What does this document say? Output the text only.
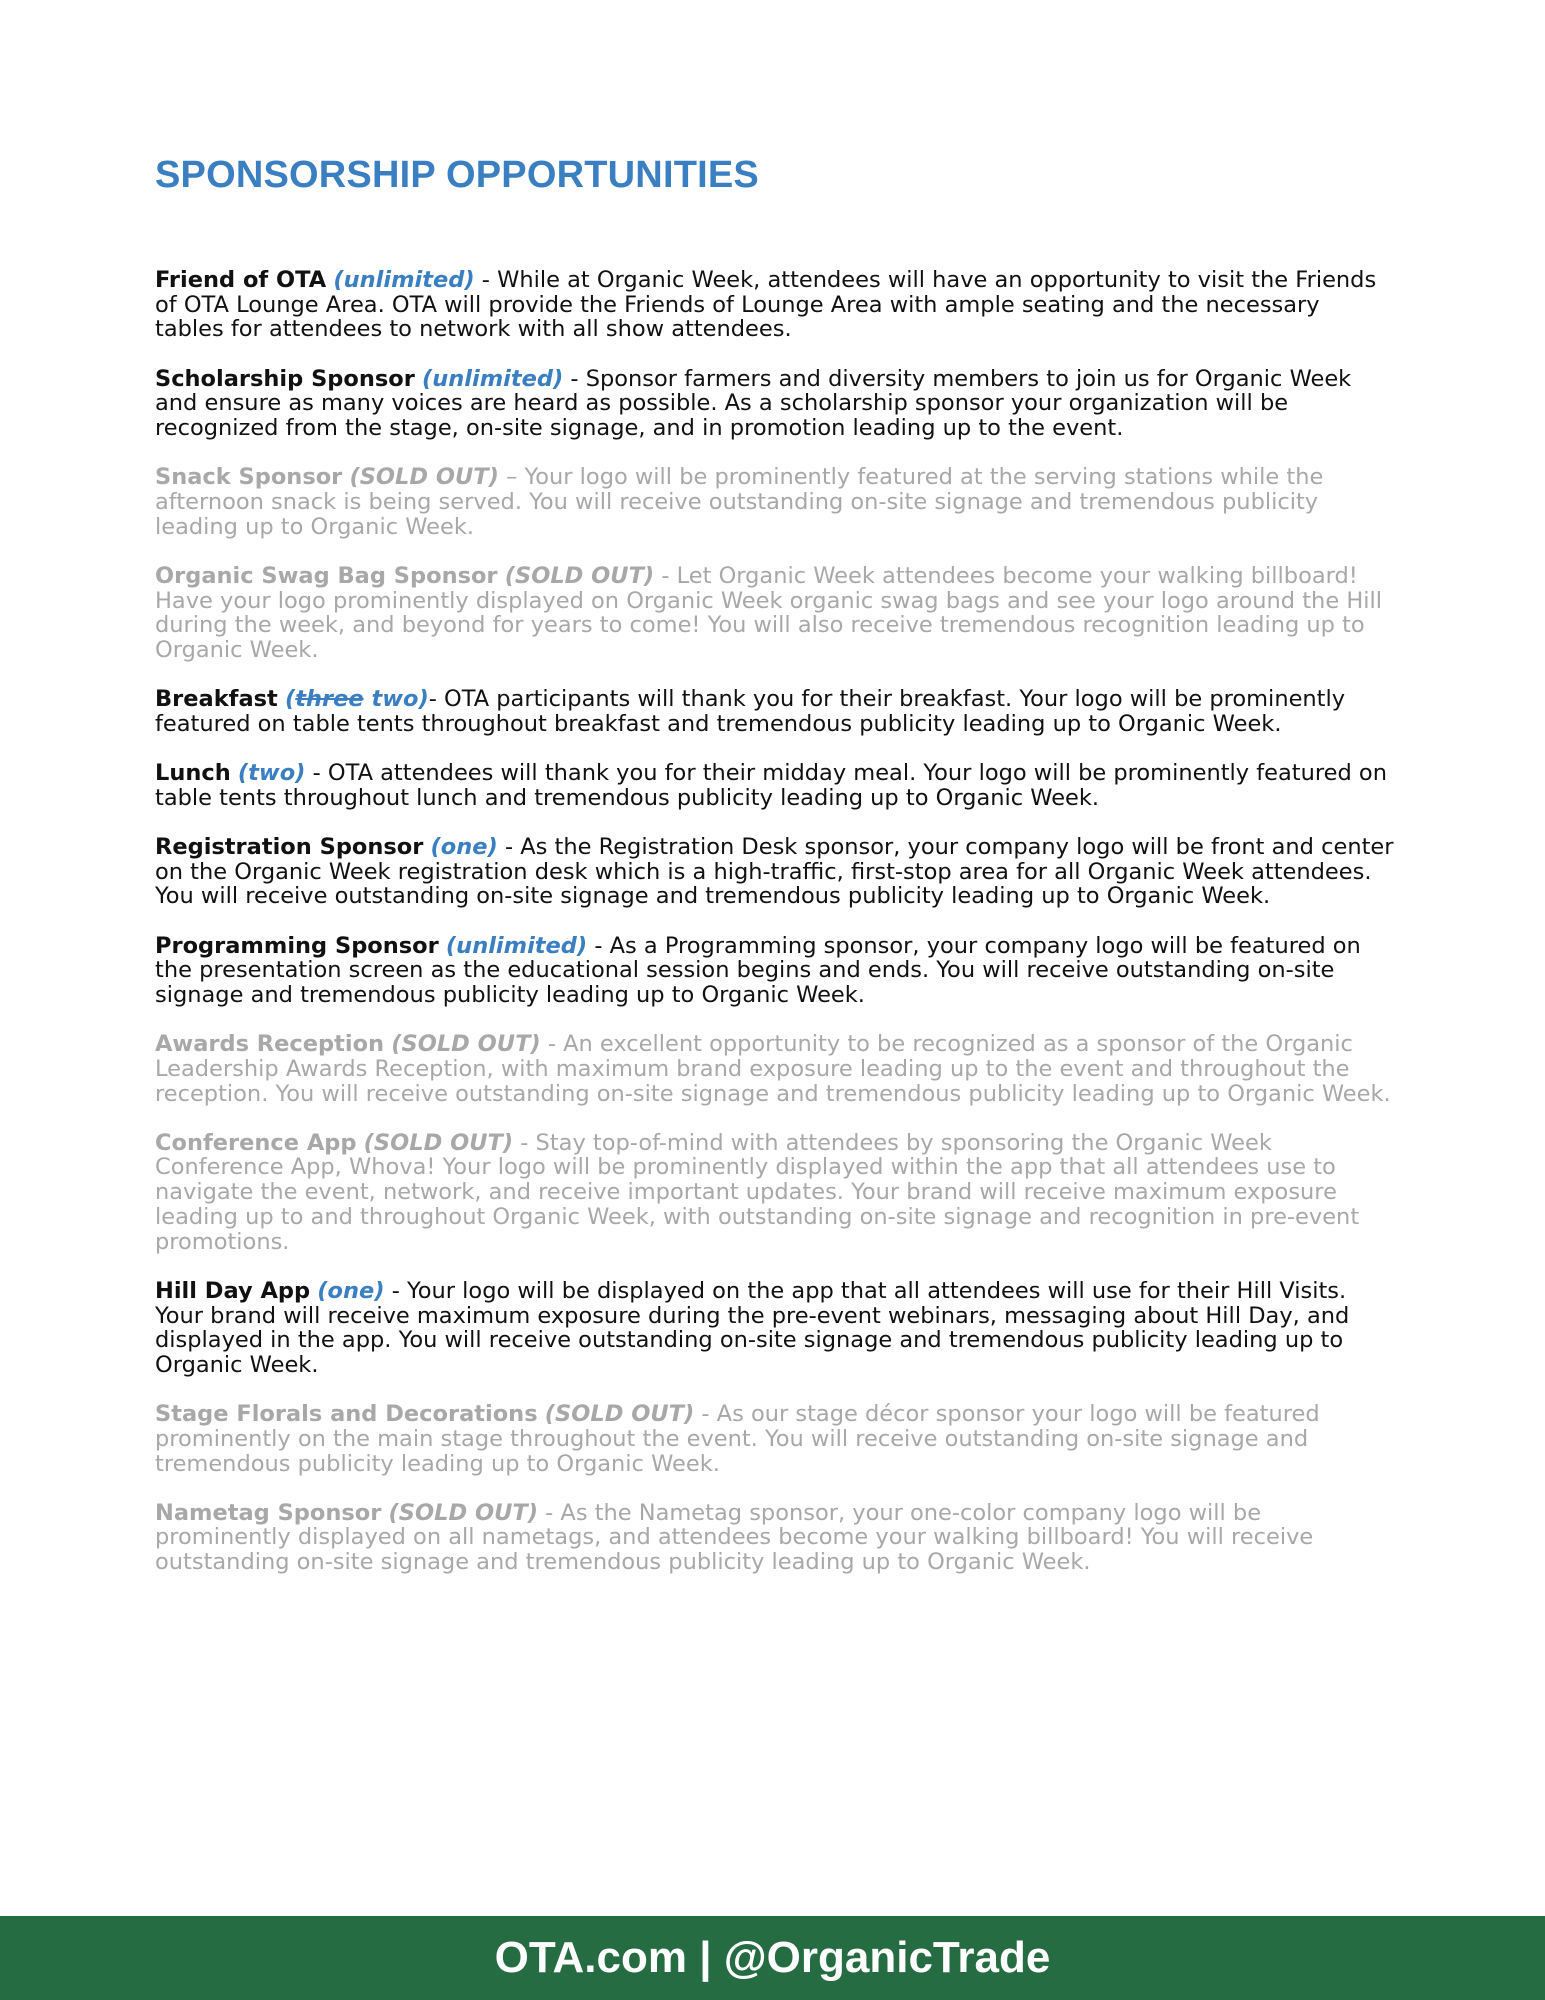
SPONSORSHIP OPPORTUNITIES

Friend of OTA (unlimited) - While at Organic Week, attendees will have an opportunity to visit the Friends of OTA Lounge Area. OTA will provide the Friends of Lounge Area with ample seating and the necessary tables for attendees to network with all show attendees.

Scholarship Sponsor (unlimited) - Sponsor farmers and diversity members to join us for Organic Week and ensure as many voices are heard as possible. As a scholarship sponsor your organization will be recognized from the stage, on-site signage, and in promotion leading up to the event.

Snack Sponsor (SOLD OUT) – Your logo will be prominently featured at the serving stations while the afternoon snack is being served. You will receive outstanding on-site signage and tremendous publicity leading up to Organic Week.

Organic Swag Bag Sponsor (SOLD OUT) - Let Organic Week attendees become your walking billboard! Have your logo prominently displayed on Organic Week organic swag bags and see your logo around the Hill during the week, and beyond for years to come! You will also receive tremendous recognition leading up to Organic Week.

Breakfast (three two)- OTA participants will thank you for their breakfast. Your logo will be prominently featured on table tents throughout breakfast and tremendous publicity leading up to Organic Week.

Lunch (two) - OTA attendees will thank you for their midday meal. Your logo will be prominently featured on table tents throughout lunch and tremendous publicity leading up to Organic Week.

Registration Sponsor (one) - As the Registration Desk sponsor, your company logo will be front and center on the Organic Week registration desk which is a high-traffic, first-stop area for all Organic Week attendees. You will receive outstanding on-site signage and tremendous publicity leading up to Organic Week.

Programming Sponsor (unlimited) - As a Programming sponsor, your company logo will be featured on the presentation screen as the educational session begins and ends. You will receive outstanding on-site signage and tremendous publicity leading up to Organic Week.

Awards Reception (SOLD OUT) - An excellent opportunity to be recognized as a sponsor of the Organic Leadership Awards Reception, with maximum brand exposure leading up to the event and throughout the reception. You will receive outstanding on-site signage and tremendous publicity leading up to Organic Week.

Conference App (SOLD OUT) - Stay top-of-mind with attendees by sponsoring the Organic Week Conference App, Whova! Your logo will be prominently displayed within the app that all attendees use to navigate the event, network, and receive important updates. Your brand will receive maximum exposure leading up to and throughout Organic Week, with outstanding on-site signage and recognition in pre-event promotions.

Hill Day App (one) - Your logo will be displayed on the app that all attendees will use for their Hill Visits. Your brand will receive maximum exposure during the pre-event webinars, messaging about Hill Day, and displayed in the app. You will receive outstanding on-site signage and tremendous publicity leading up to Organic Week.

Stage Florals and Decorations (SOLD OUT) - As our stage décor sponsor your logo will be featured prominently on the main stage throughout the event. You will receive outstanding on-site signage and tremendous publicity leading up to Organic Week.

Nametag Sponsor (SOLD OUT) - As the Nametag sponsor, your one-color company logo will be prominently displayed on all nametags, and attendees become your walking billboard! You will receive outstanding on-site signage and tremendous publicity leading up to Organic Week.

OTA.com | @OrganicTrade
